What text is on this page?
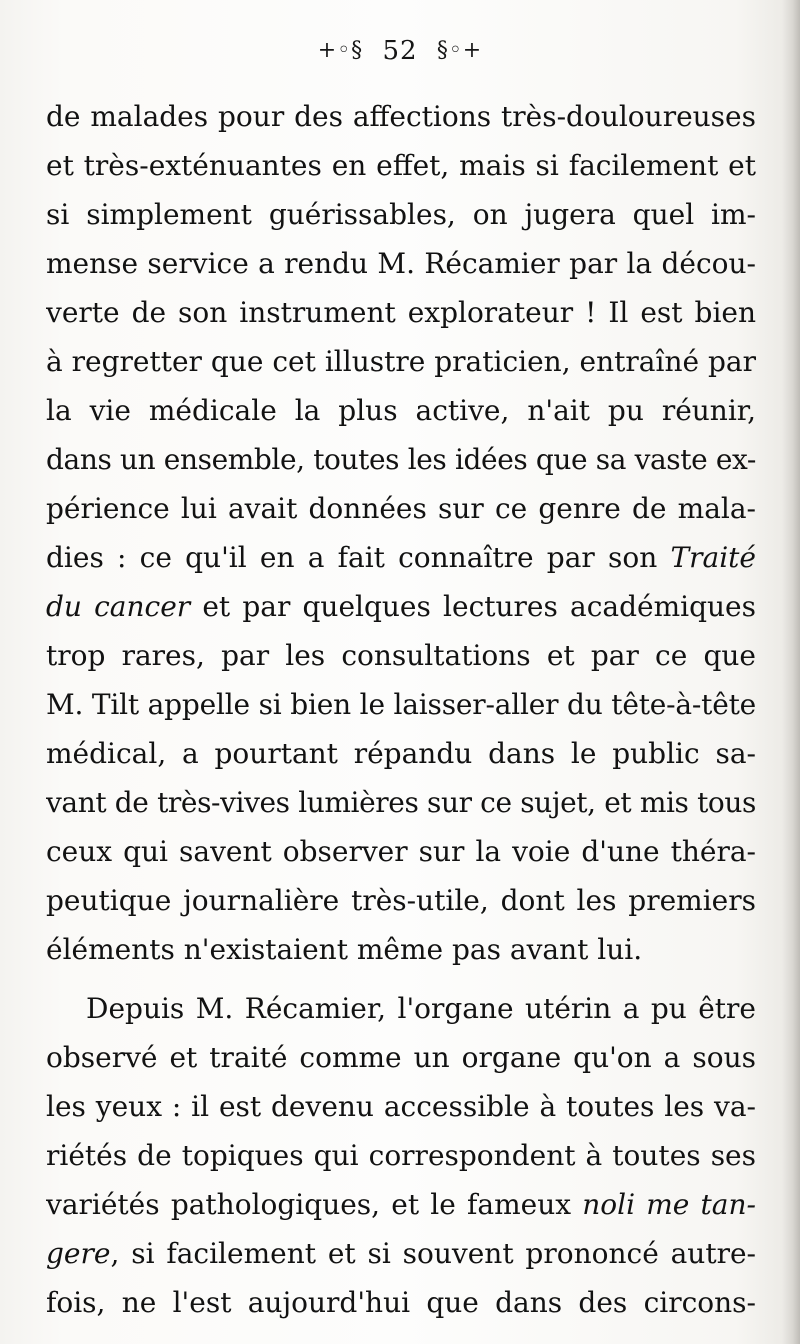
+◦§ 52 §◦+
de malades pour des affections très-douloureuses
et très-exténuantes en effet, mais si facilement et
si simplement guérissables, on jugera quel im-
mense service a rendu M. Récamier par la décou-
verte de son instrument explorateur ! Il est bien
à regretter que cet illustre praticien, entraîné par
la vie médicale la plus active, n'ait pu réunir,
dans un ensemble, toutes les idées que sa vaste ex-
périence lui avait données sur ce genre de mala-
dies : ce qu'il en a fait connaître par son Traité
du cancer et par quelques lectures académiques
trop rares, par les consultations et par ce que
M. Tilt appelle si bien le laisser-aller du tête-à-tête
médical, a pourtant répandu dans le public sa-
vant de très-vives lumières sur ce sujet, et mis tous
ceux qui savent observer sur la voie d'une théra-
peutique journalière très-utile, dont les premiers
éléments n'existaient même pas avant lui.
Depuis M. Récamier, l'organe utérin a pu être
observé et traité comme un organe qu'on a sous
les yeux : il est devenu accessible à toutes les va-
riétés de topiques qui correspondent à toutes ses
variétés pathologiques, et le fameux noli me tan-
gere, si facilement et si souvent prononcé autre-
fois, ne l'est aujourd'hui que dans des circons-
